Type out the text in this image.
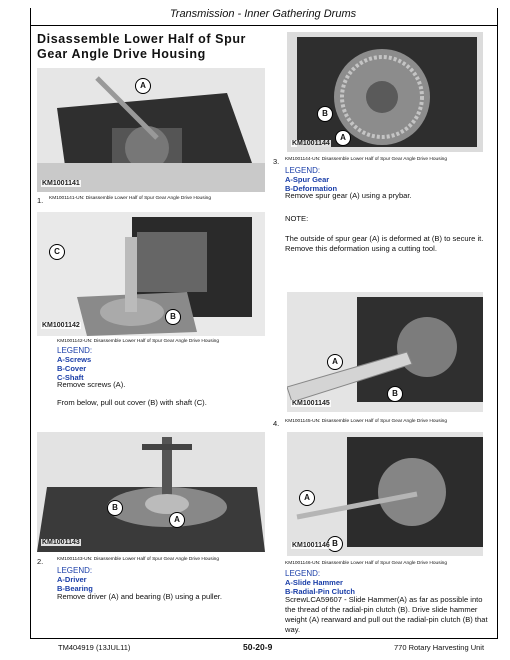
Transmission - Inner Gathering Drums
Disassemble Lower Half of Spur Gear Angle Drive Housing
A
KM1001141
1. KM1001141-UN: Disassemble Lower Half of Spur Gear Angle Drive Housing
C
B
KM1001142
KM1001142-UN: Disassemble Lower Half of Spur Gear Angle Drive Housing
LEGEND:
A-Screws
B-Cover
C-Shaft
Remove screws (A).
From below, pull out cover (B) with shaft (C).
B
A
KM1001143
2.	KM1001143-UN: Disassemble Lower Half of Spur Gear Angle Drive Housing
LEGEND:
A-Driver
B-Bearing
Remove driver (A) and bearing (B) using a puller.
B
A
KM1001144
3. KM1001144-UN: Disassemble Lower Half of Spur Gear Angle Drive Housing
LEGEND:
A-Spur Gear
B-Deformation
Remove spur gear (A) using a prybar.
NOTE:
The outside of spur gear (A) is deformed at (B) to secure it. Remove this deformation using a cutting tool.
A
B
KM1001145
4. KM1001145-UN: Disassemble Lower Half of Spur Gear Angle Drive Housing
A
B
KM1001146
KM1001146-UN: Disassemble Lower Half of Spur Gear Angle Drive Housing
LEGEND:
A-Slide Hammer
B-Radial-Pin Clutch
ScrewLCA59607 - Slide Hammer(A) as far as possible into the thread of the radial-pin clutch (B). Drive slide hammer weight (A) rearward and pull out the radial-pin clutch (B) that way.
TM404919 (13JUL11)	50-20-9	770 Rotary Harvesting Unit
